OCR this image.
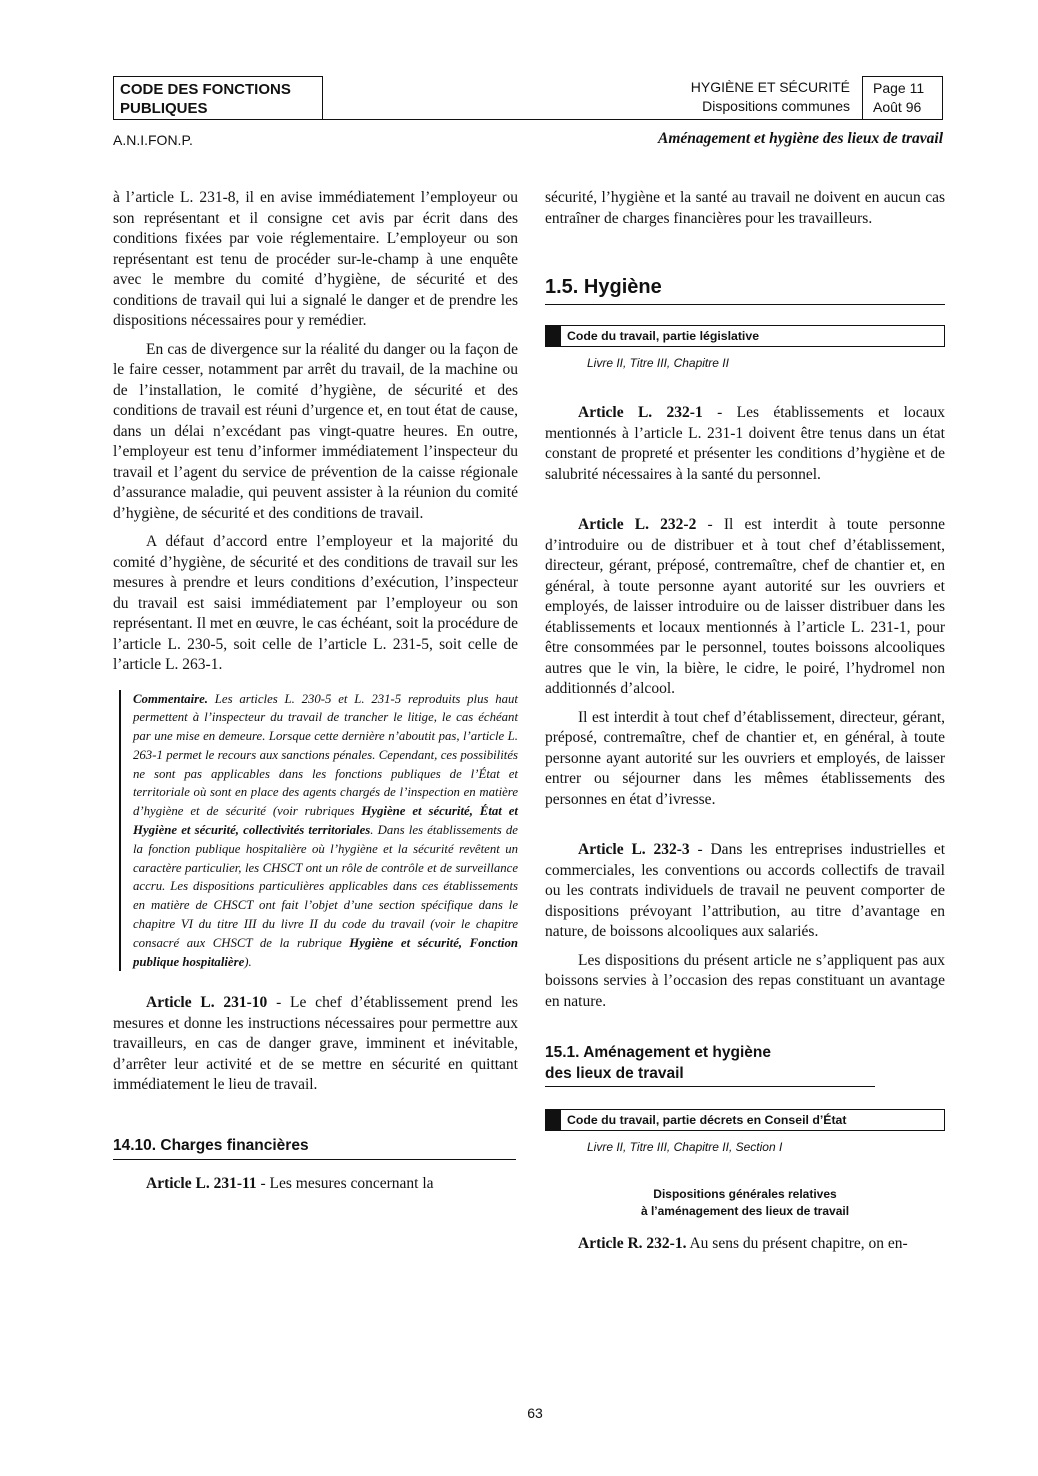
CODE DES FONCTIONS
PUBLIQUES
HYGIÈNE ET SÉCURITÉ
Dispositions communes
Page 11
Août 96
A.N.I.FON.P.	Aménagement et hygiène des lieux de travail

à l’article L. 231-8, il en avise immédiatement l’employeur ou son représentant et il consigne cet avis par écrit dans des conditions fixées par voie réglementaire. L’employeur ou son représentant est tenu de procéder sur-le-champ à une enquête avec le membre du comité d’hygiène, de sécurité et des conditions de travail qui lui a signalé le danger et de prendre les dispositions nécessaires pour y remédier.

En cas de divergence sur la réalité du danger ou la façon de le faire cesser, notamment par arrêt du travail, de la machine ou de l’installation, le comité d’hygiène, de sécurité et des conditions de travail est réuni d’urgence et, en tout état de cause, dans un délai n’excédant pas vingt-quatre heures. En outre, l’employeur est tenu d’informer immédiatement l’inspecteur du travail et l’agent du service de prévention de la caisse régionale d’assurance maladie, qui peuvent assister à la réunion du comité d’hygiène, de sécurité et des conditions de travail.

A défaut d’accord entre l’employeur et la majorité du comité d’hygiène, de sécurité et des conditions de travail sur les mesures à prendre et leurs conditions d’exécution, l’inspecteur du travail est saisi immédiatement par l’employeur ou son représentant. Il met en œuvre, le cas échéant, soit la procédure de l’article L. 230-5, soit celle de l’article L. 231-5, soit celle de l’article L. 263-1.

Commentaire. Les articles L. 230-5 et L. 231-5 reproduits plus haut permettent à l’inspecteur du travail de trancher le litige, le cas échéant par une mise en demeure. Lorsque cette dernière n’aboutit pas, l’article L. 263-1 permet le recours aux sanctions pénales. Cependant, ces possibilités ne sont pas applicables dans les fonctions publiques de l’État et territoriale où sont en place des agents chargés de l’inspection en matière d’hygiène et de sécurité (voir rubriques Hygiène et sécurité, État et Hygiène et sécurité, collectivités territoriales. Dans les établissements de la fonction publique hospitalière où l’hygiène et la sécurité revêtent un caractère particulier, les CHSCT ont un rôle de contrôle et de surveillance accru. Les dispositions particulières applicables dans ces établissements en matière de CHSCT ont fait l’objet d’une section spécifique dans le chapitre VI du titre III du livre II du code du travail (voir le chapitre consacré aux CHSCT de la rubrique Hygiène et sécurité, Fonction publique hospitalière).

Article L. 231-10 - Le chef d’établissement prend les mesures et donne les instructions nécessaires pour permettre aux travailleurs, en cas de danger grave, imminent et inévitable, d’arrêter leur activité et de se mettre en sécurité en quittant immédiatement le lieu de travail.

14.10. Charges financières

Article L. 231-11 - Les mesures concernant la

sécurité, l’hygiène et la santé au travail ne doivent en aucun cas entraîner de charges financières pour les travailleurs.

1.5. Hygiène
Code du travail, partie législative
Livre II, Titre III, Chapitre II

Article L. 232-1 - Les établissements et locaux mentionnés à l’article L. 231-1 doivent être tenus dans un état constant de propreté et présenter les conditions d’hygiène et de salubrité nécessaires à la santé du personnel.

Article L. 232-2 - Il est interdit à toute personne d’introduire ou de distribuer et à tout chef d’établissement, directeur, gérant, préposé, contremaître, chef de chantier et, en général, à toute personne ayant autorité sur les ouvriers et employés, de laisser introduire ou de laisser distribuer dans les établissements et locaux mentionnés à l’article L. 231-1, pour être consommées par le personnel, toutes boissons alcooliques autres que le vin, la bière, le cidre, le poiré, l’hydromel non additionnés d’alcool.

Il est interdit à tout chef d’établissement, directeur, gérant, préposé, contremaître, chef de chantier et, en général, à toute personne ayant autorité sur les ouvriers et employés, de laisser entrer ou séjourner dans les mêmes établissements des personnes en état d’ivresse.

Article L. 232-3 - Dans les entreprises industrielles et commerciales, les conventions ou accords collectifs de travail ou les contrats individuels de travail ne peuvent comporter de dispositions prévoyant l’attribution, au titre d’avantage en nature, de boissons alcooliques aux salariés.

Les dispositions du présent article ne s’appliquent pas aux boissons servies à l’occasion des repas constituant un avantage en nature.

15.1. Aménagement et hygiène
des lieux de travail
Code du travail, partie décrets en Conseil d’État
Livre II, Titre III, Chapitre II, Section I
Dispositions générales relatives
à l’aménagement des lieux de travail

Article R. 232-1. Au sens du présent chapitre, on en-

63
